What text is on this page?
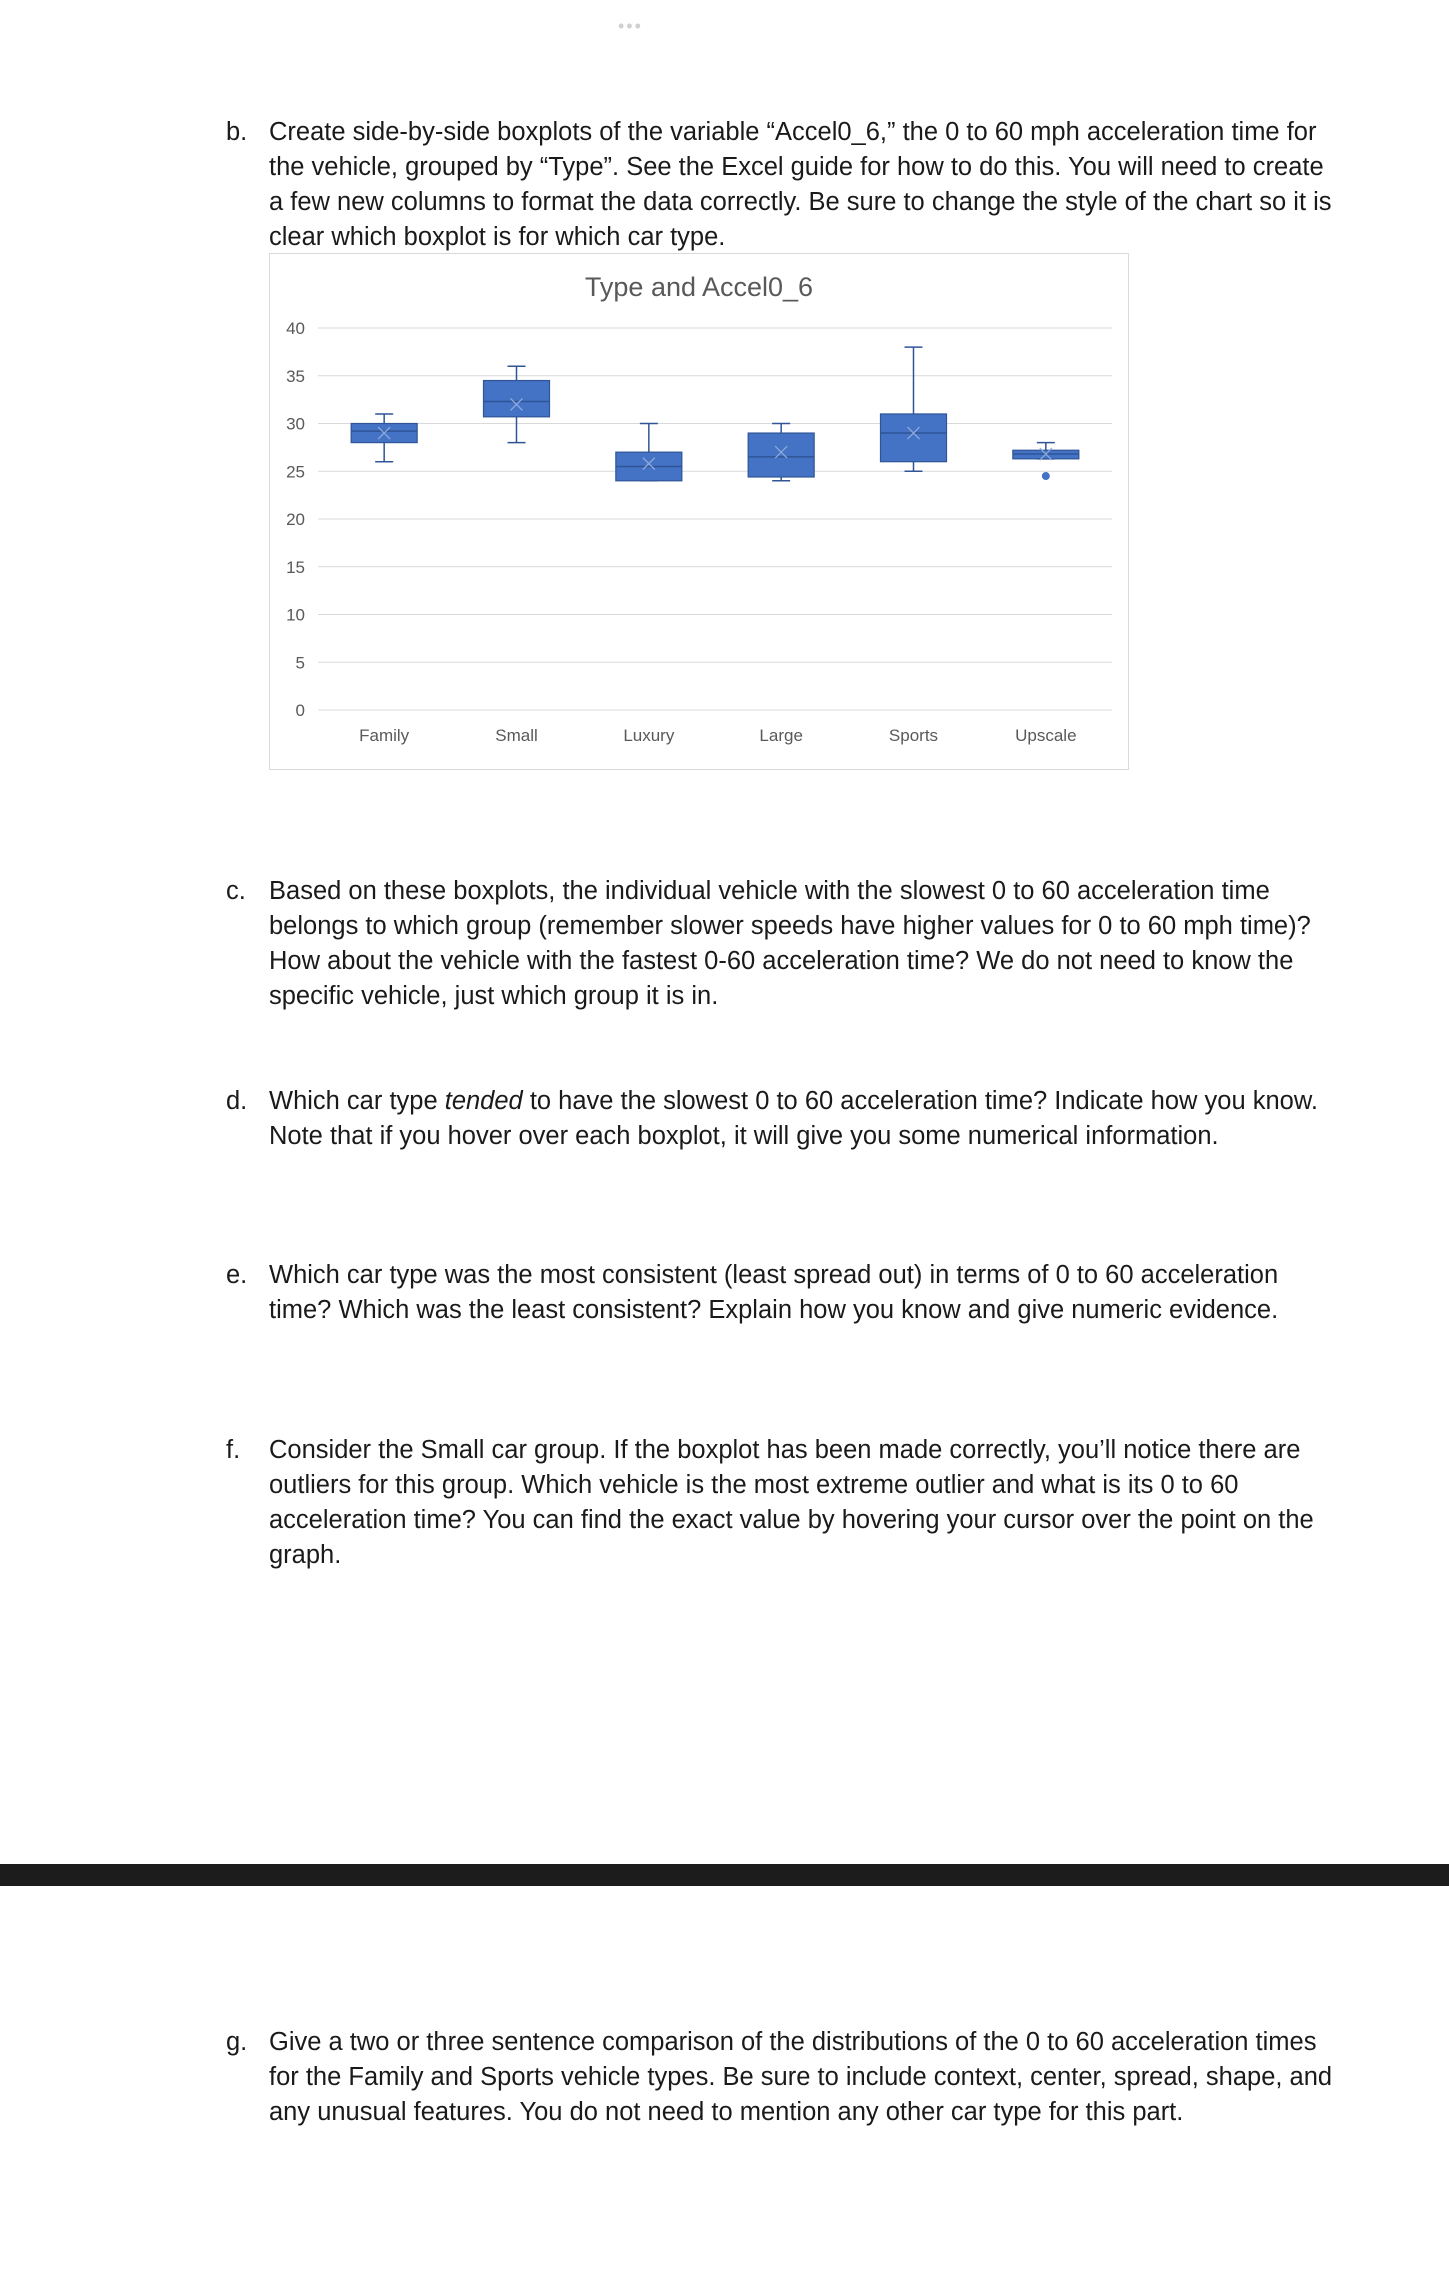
•••
b. Create side-by-side boxplots of the variable “Accel0_6,” the 0 to 60 mph acceleration time for the vehicle, grouped by “Type”. See the Excel guide for how to do this. You will need to create a few new columns to format the data correctly. Be sure to change the style of the chart so it is clear which boxplot is for which car type.
Type and Accel0_6
0
5
10
15
20
25
30
35
40
Family	Small	Luxury	Large	Sports	Upscale
c. Based on these boxplots, the individual vehicle with the slowest 0 to 60 acceleration time belongs to which group (remember slower speeds have higher values for 0 to 60 mph time)? How about the vehicle with the fastest 0-60 acceleration time? We do not need to know the specific vehicle, just which group it is in.
d. Which car type tended to have the slowest 0 to 60 acceleration time? Indicate how you know. Note that if you hover over each boxplot, it will give you some numerical information.
e. Which car type was the most consistent (least spread out) in terms of 0 to 60 acceleration time? Which was the least consistent? Explain how you know and give numeric evidence.
f. Consider the Small car group. If the boxplot has been made correctly, you’ll notice there are outliers for this group. Which vehicle is the most extreme outlier and what is its 0 to 60 acceleration time? You can find the exact value by hovering your cursor over the point on the graph.
g. Give a two or three sentence comparison of the distributions of the 0 to 60 acceleration times for the Family and Sports vehicle types. Be sure to include context, center, spread, shape, and any unusual features. You do not need to mention any other car type for this part.
